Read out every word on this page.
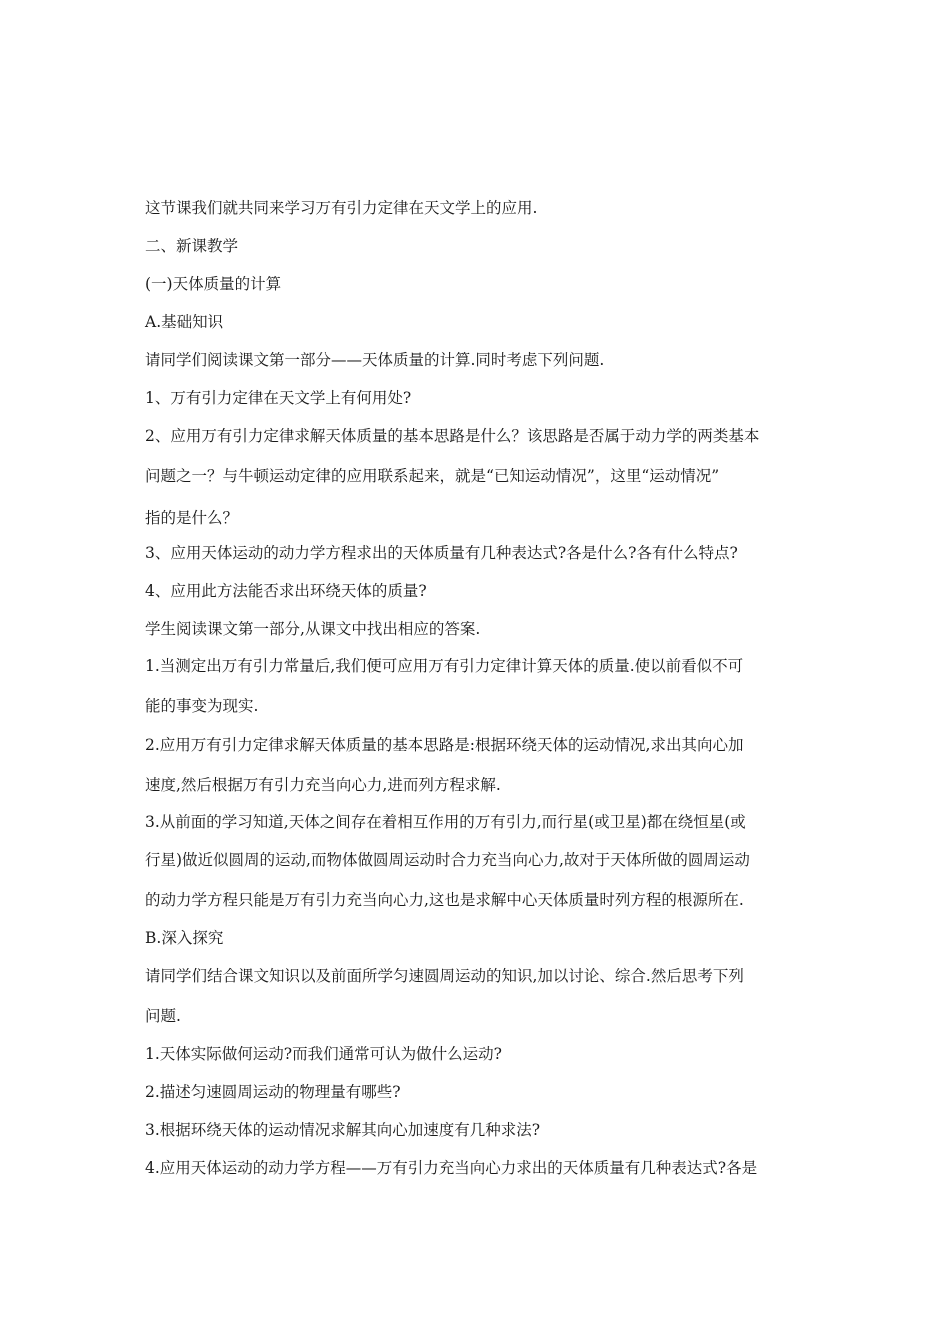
这节课我们就共同来学习万有引力定律在天文学上的应用.
二、新课教学
(一)天体质量的计算
A.基础知识
请同学们阅读课文第一部分——天体质量的计算.同时考虑下列问题.
1、万有引力定律在天文学上有何用处?
2、应用万有引力定律求解天体质量的基本思路是什么？该思路是否属于动力学的两类基本
问题之一？与牛顿运动定律的应用联系起来，就是“已知运动情况”，这里“运动情况”
指的是什么？
3、应用天体运动的动力学方程求出的天体质量有几种表达式?各是什么?各有什么特点?
4、应用此方法能否求出环绕天体的质量?
学生阅读课文第一部分,从课文中找出相应的答案.
1.当测定出万有引力常量后,我们便可应用万有引力定律计算天体的质量.使以前看似不可
能的事变为现实.
2.应用万有引力定律求解天体质量的基本思路是:根据环绕天体的运动情况,求出其向心加
速度,然后根据万有引力充当向心力,进而列方程求解.
3.从前面的学习知道,天体之间存在着相互作用的万有引力,而行星(或卫星)都在绕恒星(或
行星)做近似圆周的运动,而物体做圆周运动时合力充当向心力,故对于天体所做的圆周运动
的动力学方程只能是万有引力充当向心力,这也是求解中心天体质量时列方程的根源所在.
B.深入探究
请同学们结合课文知识以及前面所学匀速圆周运动的知识,加以讨论、综合.然后思考下列
问题.
1.天体实际做何运动?而我们通常可认为做什么运动?
2.描述匀速圆周运动的物理量有哪些?
3.根据环绕天体的运动情况求解其向心加速度有几种求法?
4.应用天体运动的动力学方程——万有引力充当向心力求出的天体质量有几种表达式?各是
